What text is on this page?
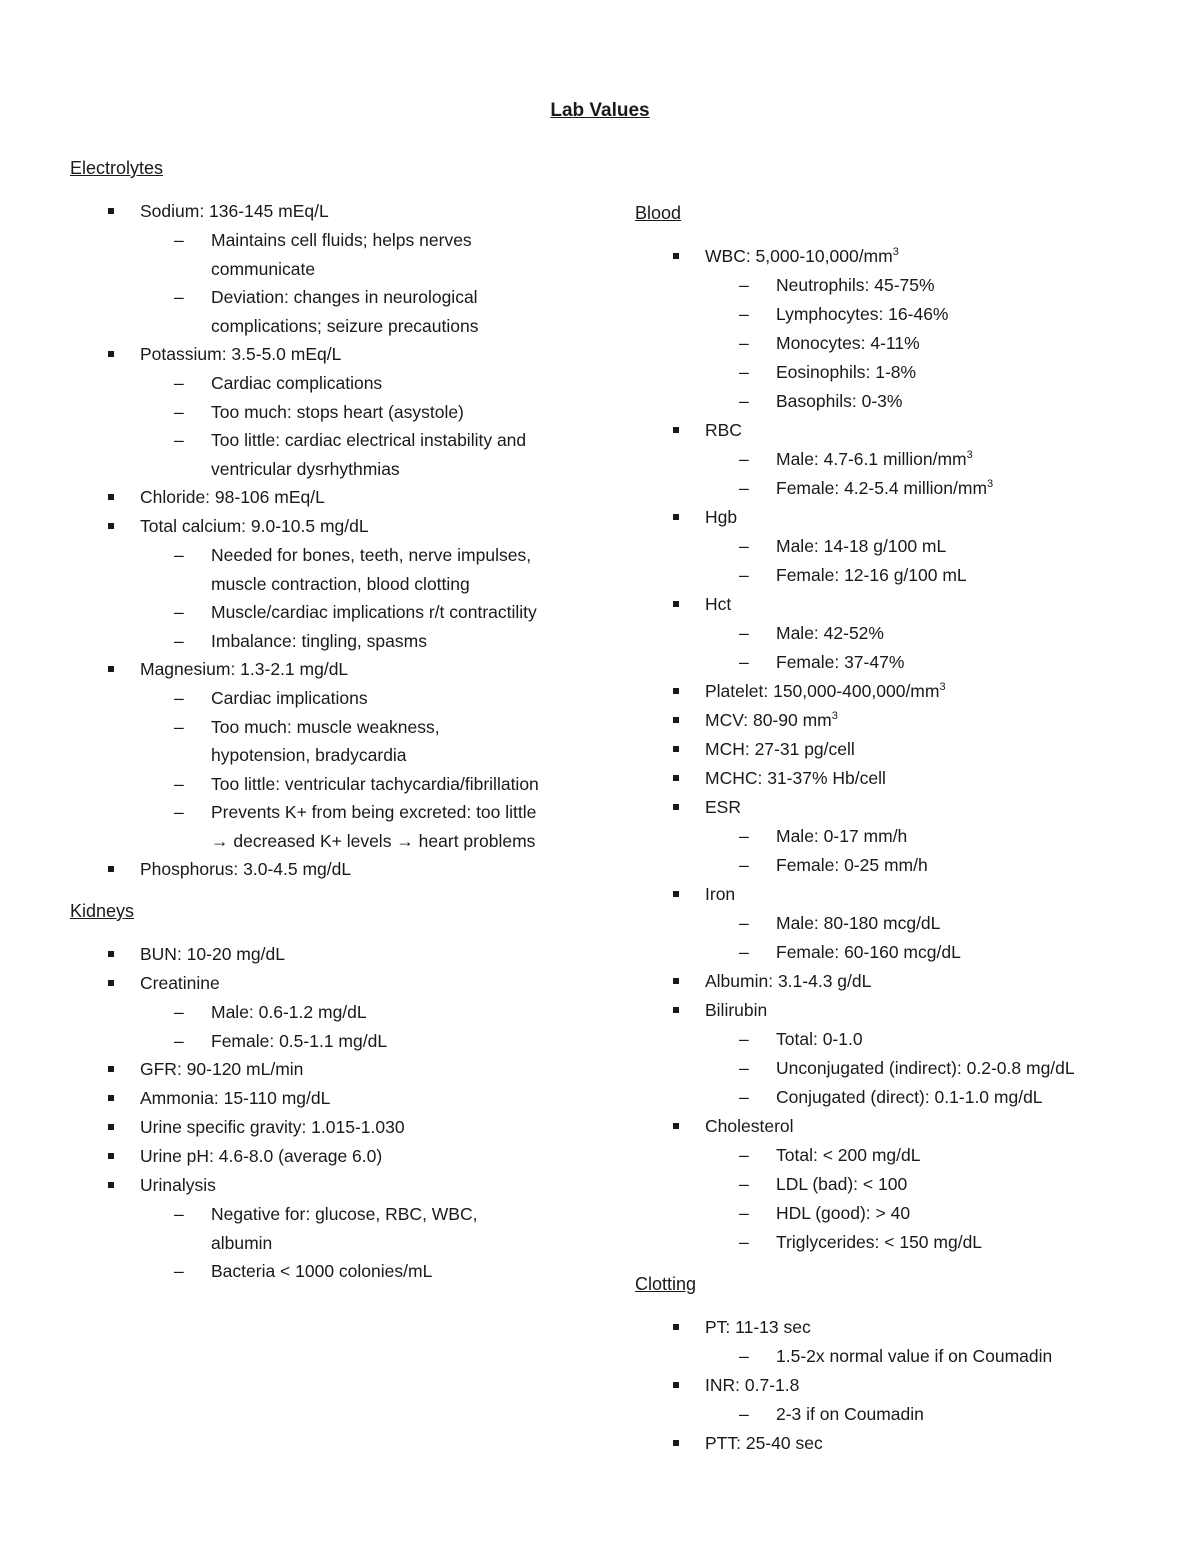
Lab Values
Electrolytes
Sodium: 136-145 mEq/L
– Maintains cell fluids; helps nerves communicate
– Deviation: changes in neurological complications; seizure precautions
Potassium: 3.5-5.0 mEq/L
– Cardiac complications
– Too much: stops heart (asystole)
– Too little: cardiac electrical instability and ventricular dysrhythmias
Chloride: 98-106 mEq/L
Total calcium: 9.0-10.5 mg/dL
– Needed for bones, teeth, nerve impulses, muscle contraction, blood clotting
– Muscle/cardiac implications r/t contractility
– Imbalance: tingling, spasms
Magnesium: 1.3-2.1 mg/dL
– Cardiac implications
– Too much: muscle weakness, hypotension, bradycardia
– Too little: ventricular tachycardia/fibrillation
– Prevents K+ from being excreted: too little → decreased K+ levels → heart problems
Phosphorus: 3.0-4.5 mg/dL
Kidneys
BUN: 10-20 mg/dL
Creatinine
– Male: 0.6-1.2 mg/dL
– Female: 0.5-1.1 mg/dL
GFR: 90-120 mL/min
Ammonia: 15-110 mg/dL
Urine specific gravity: 1.015-1.030
Urine pH: 4.6-8.0 (average 6.0)
Urinalysis
– Negative for: glucose, RBC, WBC, albumin
– Bacteria < 1000 colonies/mL
Blood
WBC: $5,000-10,000/mm^3$
– Neutrophils: 45-75%
– Lymphocytes: 16-46%
– Monocytes: 4-11%
– Eosinophils: 1-8%
– Basophils: 0-3%
RBC
– Male: 4.7-6.1 million/$mm^3$
– Female: 4.2-5.4 million/$mm^3$
Hgb
– Male: 14-18 g/100 mL
– Female: 12-16 g/100 mL
Hct
– Male: 42-52%
– Female: 37-47%
Platelet: $150,000-400,000/mm^3$
MCV: 80-90 $mm^3$
MCH: 27-31 pg/cell
MCHC: 31-37% Hb/cell
ESR
– Male: 0-17 mm/h
– Female: 0-25 mm/h
Iron
– Male: 80-180 mcg/dL
– Female: 60-160 mcg/dL
Albumin: 3.1-4.3 g/dL
Bilirubin
– Total: 0-1.0
– Unconjugated (indirect): 0.2-0.8 mg/dL
– Conjugated (direct): 0.1-1.0 mg/dL
Cholesterol
– Total: < 200 mg/dL
– LDL (bad): < 100
– HDL (good): > 40
– Triglycerides: < 150 mg/dL
Clotting
PT: 11-13 sec
– 1.5-2x normal value if on Coumadin
INR: 0.7-1.8
– 2-3 if on Coumadin
PTT: 25-40 sec
